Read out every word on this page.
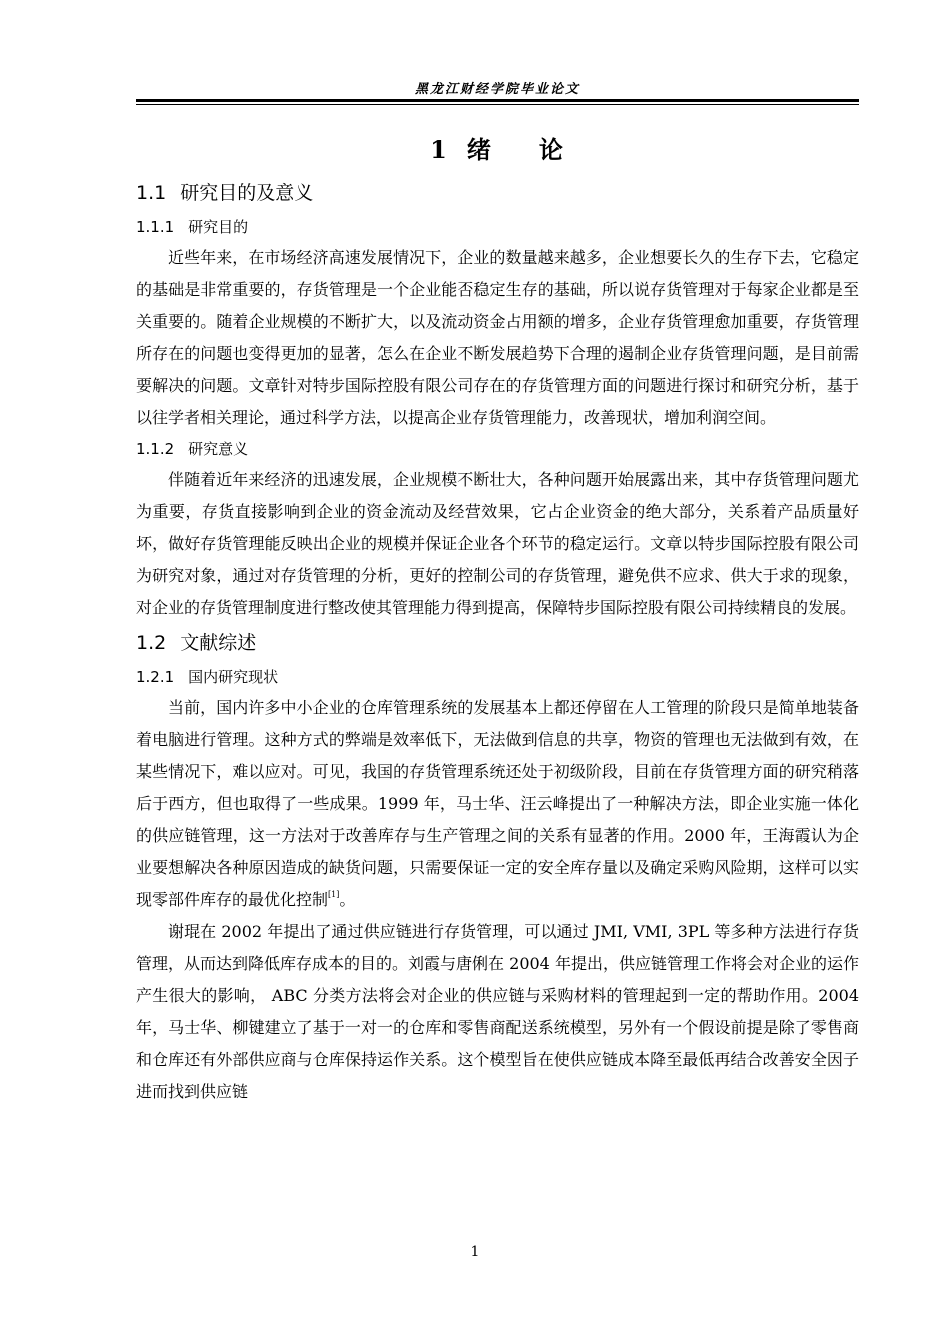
黑龙江财经学院毕业论文
1 绪 论
1.1 研究目的及意义
1.1.1 研究目的

近些年来，在市场经济高速发展情况下，企业的数量越来越多，企业想要长久的生存下去，它稳定的基础是非常重要的，存货管理是一个企业能否稳定生存的基础，所以说存货管理对于每家企业都是至关重要的。随着企业规模的不断扩大，以及流动资金占用额的增多，企业存货管理愈加重要，存货管理所存在的问题也变得更加的显著，怎么在企业不断发展趋势下合理的遏制企业存货管理问题，是目前需要解决的问题。文章针对特步国际控股有限公司存在的存货管理方面的问题进行探讨和研究分析，基于以往学者相关理论，通过科学方法，以提高企业存货管理能力，改善现状，增加利润空间。

1.1.2 研究意义

伴随着近年来经济的迅速发展，企业规模不断壮大，各种问题开始展露出来，其中存货管理问题尤为重要，存货直接影响到企业的资金流动及经营效果，它占企业资金的绝大部分，关系着产品质量好坏，做好存货管理能反映出企业的规模并保证企业各个环节的稳定运行。文章以特步国际控股有限公司为研究对象，通过对存货管理的分析，更好的控制公司的存货管理，避免供不应求、供大于求的现象，对企业的存货管理制度进行整改使其管理能力得到提高，保障特步国际控股有限公司持续精良的发展。

1.2 文献综述
1.2.1 国内研究现状

当前，国内许多中小企业的仓库管理系统的发展基本上都还停留在人工管理的阶段只是简单地装备着电脑进行管理。这种方式的弊端是效率低下，无法做到信息的共享，物资的管理也无法做到有效，在某些情况下，难以应对。可见，我国的存货管理系统还处于初级阶段，目前在存货管理方面的研究稍落后于西方，但也取得了一些成果。1999 年，马士华、汪云峰提出了一种解决方法，即企业实施一体化的供应链管理，这一方法对于改善库存与生产管理之间的关系有显著的作用。2000 年，王海霞认为企业要想解决各种原因造成的缺货问题，只需要保证一定的安全库存量以及确定采购风险期，这样可以实现零部件库存的最优化控制[1]。

谢琨在 2002 年提出了通过供应链进行存货管理，可以通过 JMI, VMI, 3PL 等多种方法进行存货管理，从而达到降低库存成本的目的。刘霞与唐俐在 2004 年提出，供应链管理工作将会对企业的运作产生很大的影响， ABC 分类方法将会对企业的供应链与采购材料的管理起到一定的帮助作用。2004 年，马士华、柳键建立了基于一对一的仓库和零售商配送系统模型，另外有一个假设前提是除了零售商和仓库还有外部供应商与仓库保持运作关系。这个模型旨在使供应链成本降至最低再结合改善安全因子进而找到供应链

1
